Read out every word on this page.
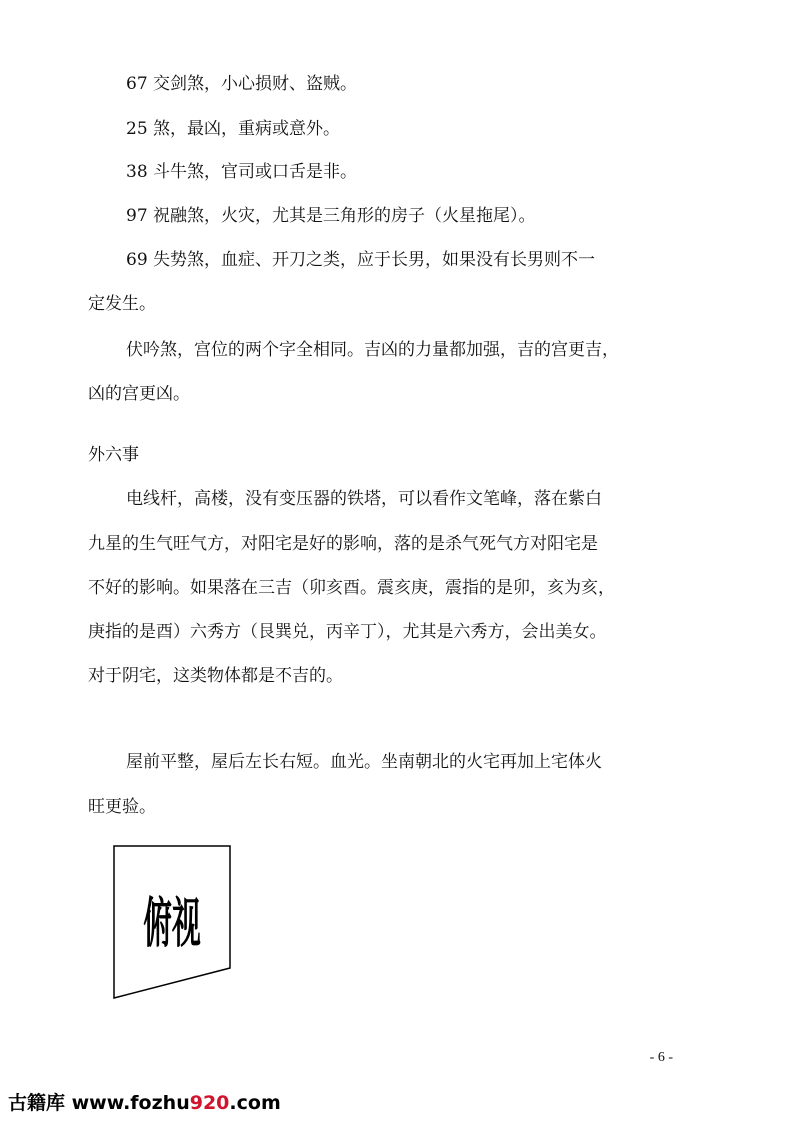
67 交剑煞，小心损财、盗贼。
25 煞，最凶，重病或意外。
38 斗牛煞，官司或口舌是非。
97 祝融煞，火灾，尤其是三角形的房子（火星拖尾）。
69 失势煞，血症、开刀之类，应于长男，如果没有长男则不一
定发生。
伏吟煞，宫位的两个字全相同。吉凶的力量都加强，吉的宫更吉，
凶的宫更凶。
外六事
电线杆，高楼，没有变压器的铁塔，可以看作文笔峰，落在紫白
九星的生气旺气方，对阳宅是好的影响，落的是杀气死气方对阳宅是
不好的影响。如果落在三吉（卯亥酉。震亥庚，震指的是卯，亥为亥，
庚指的是酉）六秀方（艮巽兑，丙辛丁），尤其是六秀方，会出美女。
对于阴宅，这类物体都是不吉的。
屋前平整，屋后左长右短。血光。坐南朝北的火宅再加上宅体火
旺更验。
俯视
- 6 -
古籍库 www.fozhu920.com
